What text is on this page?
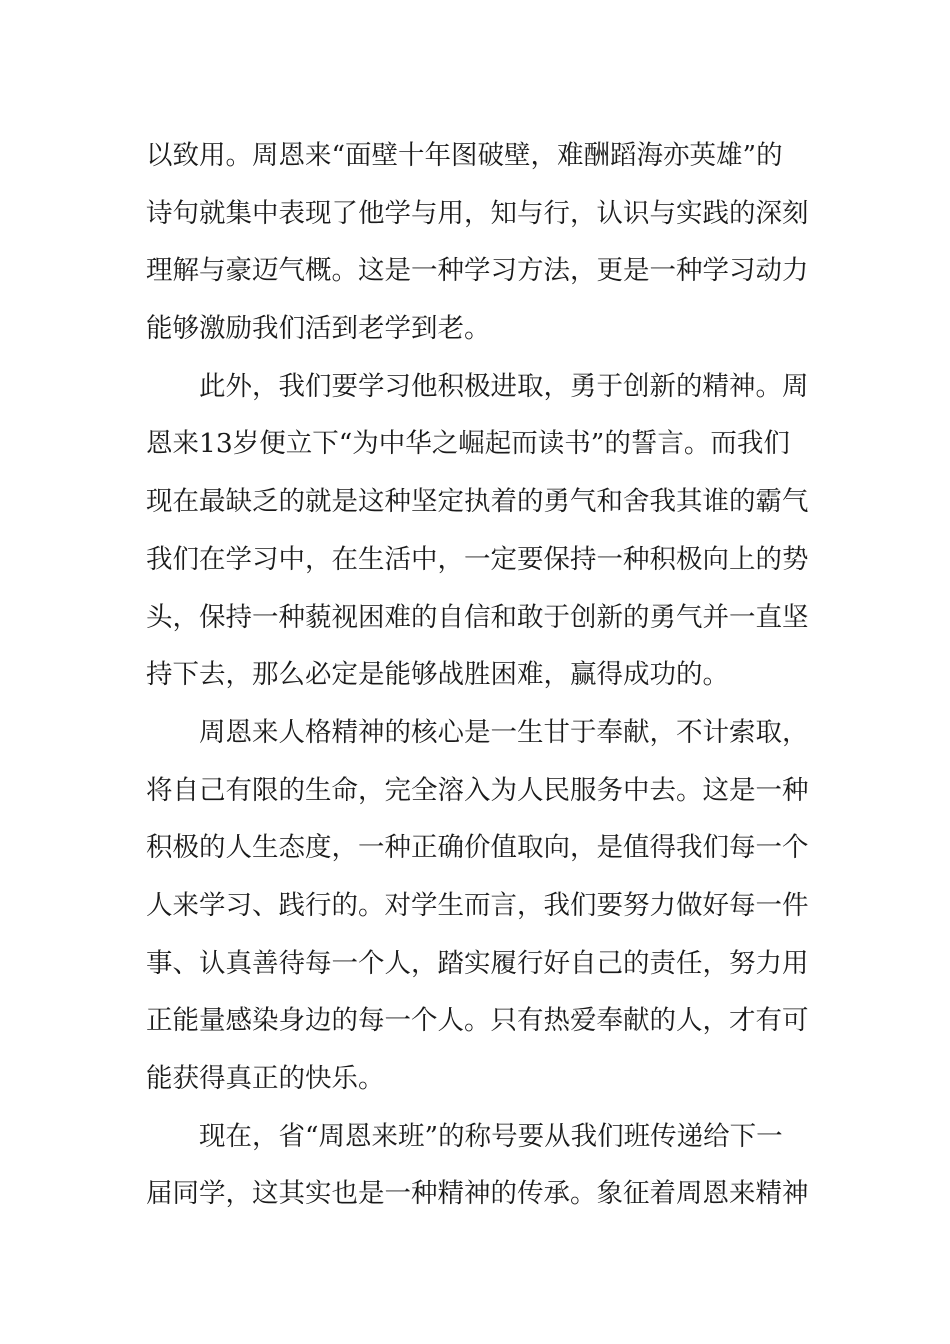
以致用。周恩来“面壁十年图破壁，难酬蹈海亦英雄”的
诗句就集中表现了他学与用，知与行，认识与实践的深刻
理解与豪迈气概。这是一种学习方法，更是一种学习动力
能够激励我们活到老学到老。
　　此外，我们要学习他积极进取，勇于创新的精神。周
恩来13岁便立下“为中华之崛起而读书”的誓言。而我们
现在最缺乏的就是这种坚定执着的勇气和舍我其谁的霸气
我们在学习中，在生活中，一定要保持一种积极向上的势
头，保持一种藐视困难的自信和敢于创新的勇气并一直坚
持下去，那么必定是能够战胜困难，赢得成功的。
　　周恩来人格精神的核心是一生甘于奉献，不计索取，
将自己有限的生命，完全溶入为人民服务中去。这是一种
积极的人生态度，一种正确价值取向，是值得我们每一个
人来学习、践行的。对学生而言，我们要努力做好每一件
事、认真善待每一个人，踏实履行好自己的责任，努力用
正能量感染身边的每一个人。只有热爱奉献的人，才有可
能获得真正的快乐。
　　现在，省“周恩来班”的称号要从我们班传递给下一
届同学，这其实也是一种精神的传承。象征着周恩来精神
